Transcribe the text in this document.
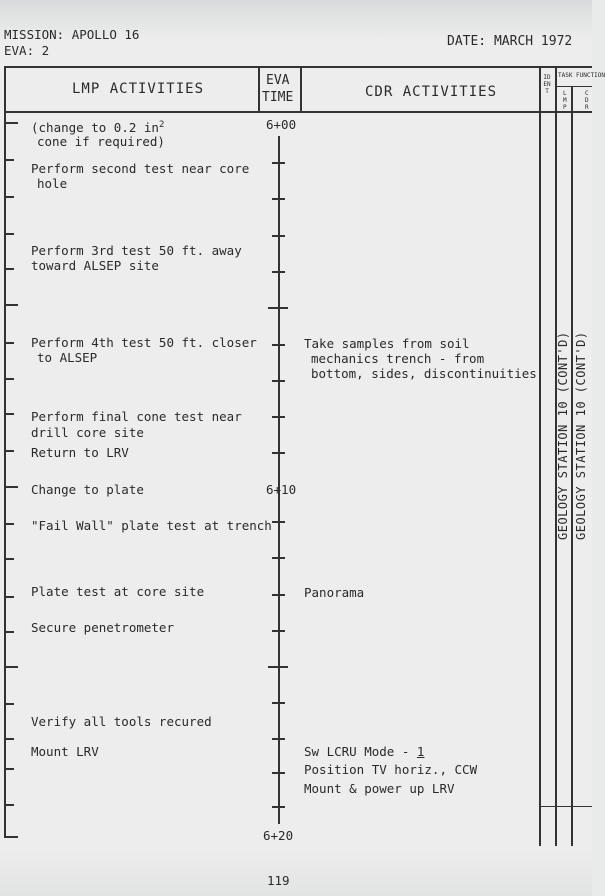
MISSION: APOLLO 16
EVA: 2
DATE: MARCH 1972
LMP ACTIVITIES
EVA
TIME	CDR ACTIVITIES
IDENT
TASK FUNCTION
LMP
CDR
6+00
6+10
6+20
(change to 0.2 $in^2$
cone if required)
Perform second test near core
hole
Perform 3rd test 50 ft. away
toward ALSEP site
Perform 4th test 50 ft. closer
to ALSEP
Perform final cone test near
drill core site
Return to LRV
Change to plate
"Fail Wall" plate test at trench
Plate test at core site
Secure penetrometer
Verify all tools recured
Mount LRV
Take samples from soil
mechanics trench - from
bottom, sides, discontinuities
Panorama
Sw LCRU Mode - 1
Position TV horiz., CCW
Mount & power up LRV
GEOLOGY STATION 10 (CONT'D) GEOLOGY STATION 10 (CONT'D)
119
